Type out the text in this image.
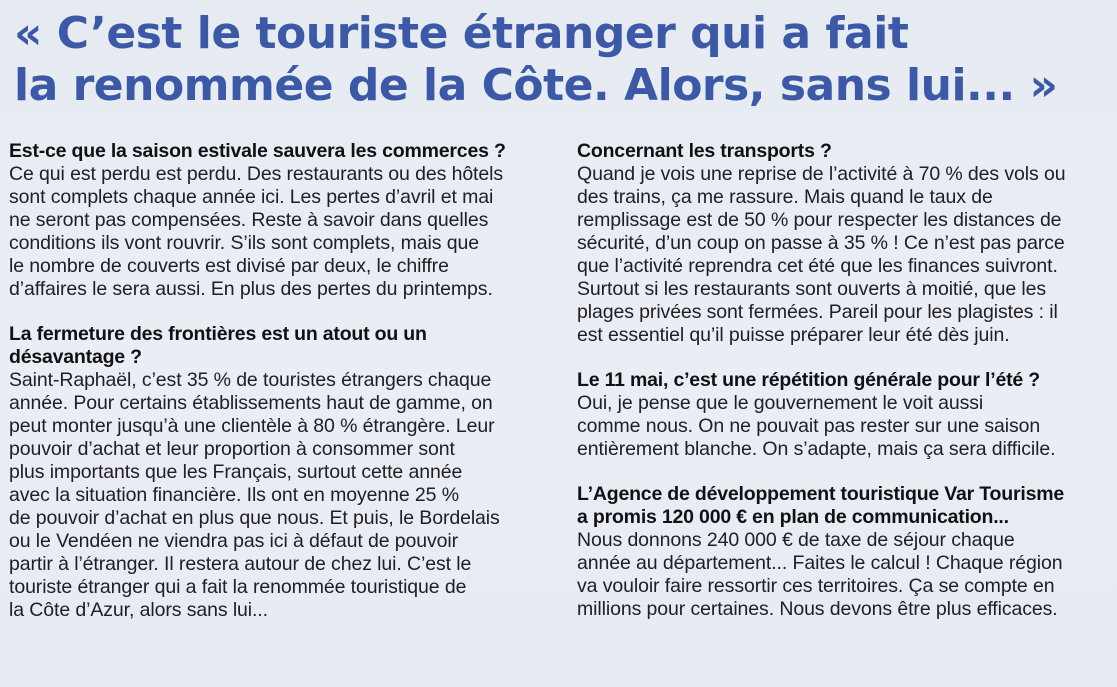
« C’est le touriste étranger qui a fait
la renommée de la Côte. Alors, sans lui... »

Est-ce que la saison estivale sauvera les commerces ?

Ce qui est perdu est perdu. Des restaurants ou des hôtels
sont complets chaque année ici. Les pertes d’avril et mai
ne seront pas compensées. Reste à savoir dans quelles
conditions ils vont rouvrir. S’ils sont complets, mais que
le nombre de couverts est divisé par deux, le chiffre
d’affaires le sera aussi. En plus des pertes du printemps.

La fermeture des frontières est un atout ou un
désavantage ?

Saint-Raphaël, c’est 35 % de touristes étrangers chaque
année. Pour certains établissements haut de gamme, on
peut monter jusqu’à une clientèle à 80 % étrangère. Leur
pouvoir d’achat et leur proportion à consommer sont
plus importants que les Français, surtout cette année
avec la situation financière. Ils ont en moyenne 25 %
de pouvoir d’achat en plus que nous. Et puis, le Bordelais
ou le Vendéen ne viendra pas ici à défaut de pouvoir
partir à l’étranger. Il restera autour de chez lui. C’est le
touriste étranger qui a fait la renommée touristique de
la Côte d’Azur, alors sans lui...

Concernant les transports ?

Quand je vois une reprise de l’activité à 70 % des vols ou
des trains, ça me rassure. Mais quand le taux de
remplissage est de 50 % pour respecter les distances de
sécurité, d’un coup on passe à 35 % ! Ce n’est pas parce
que l’activité reprendra cet été que les finances suivront.
Surtout si les restaurants sont ouverts à moitié, que les
plages privées sont fermées. Pareil pour les plagistes : il
est essentiel qu’il puisse préparer leur été dès juin.

Le 11 mai, c’est une répétition générale pour l’été ?

Oui, je pense que le gouvernement le voit aussi
comme nous. On ne pouvait pas rester sur une saison
entièrement blanche. On s’adapte, mais ça sera difficile.

L’Agence de développement touristique Var Tourisme
a promis 120 000 € en plan de communication...

Nous donnons 240 000 € de taxe de séjour chaque
année au département... Faites le calcul ! Chaque région
va vouloir faire ressortir ces territoires. Ça se compte en
millions pour certaines. Nous devons être plus efficaces.
